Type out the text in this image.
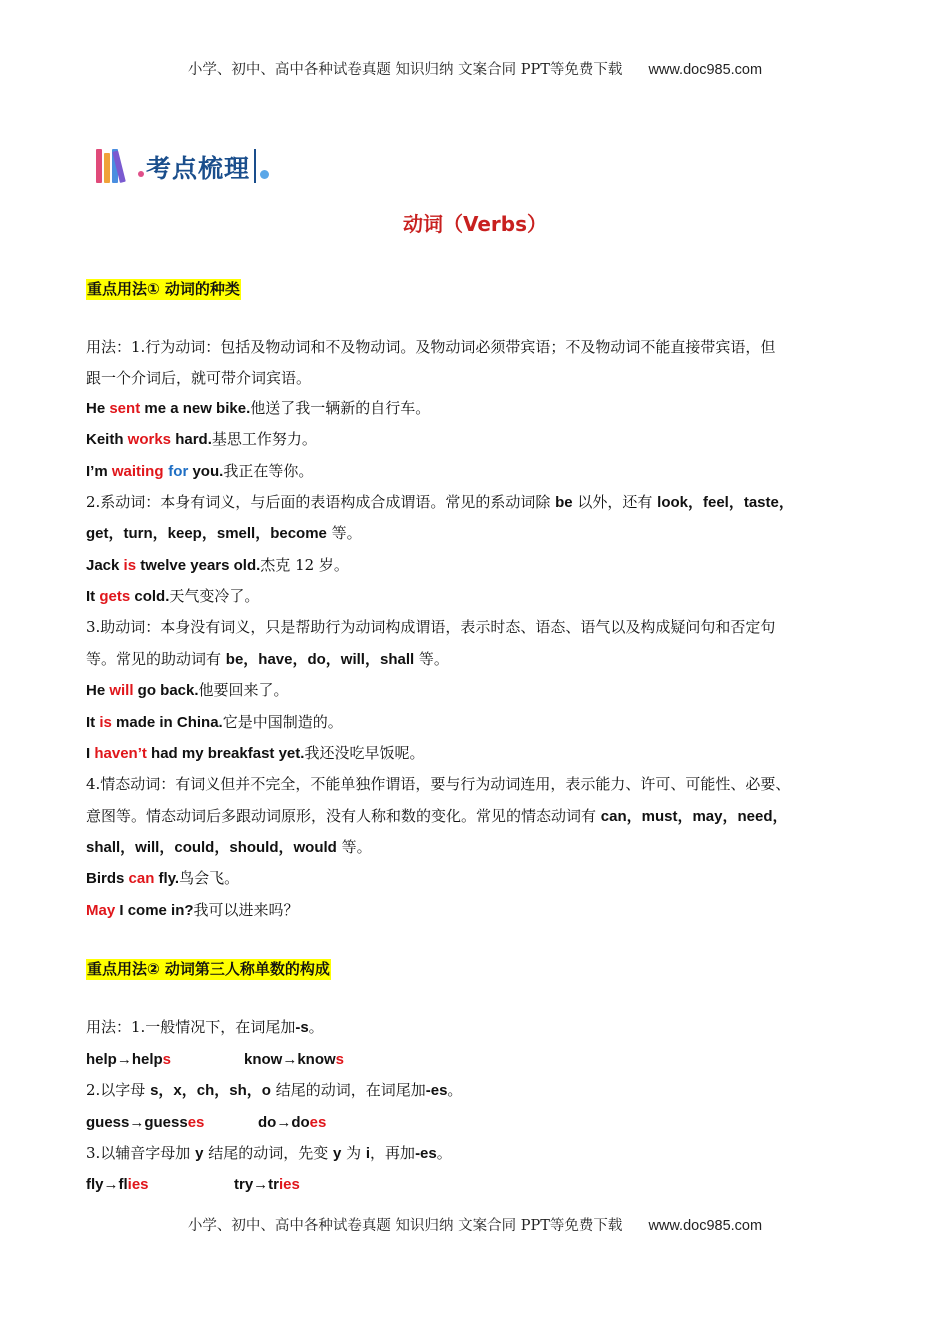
小学、初中、高中各种试卷真题 知识归纳 文案合同 PPT等免费下载 www.doc985.com
考点梳理
动词（Verbs）
重点用法① 动词的种类
用法：1.行为动词：包括及物动词和不及物动词。及物动词必须带宾语；不及物动词不能直接带宾语，但
跟一个介词后，就可带介词宾语。
He sent me a new bike.他送了我一辆新的自行车。
Keith works hard.基思工作努力。
I’m waiting for you.我正在等你。
2.系动词：本身有词义，与后面的表语构成合成谓语。常见的系动词除 be 以外，还有 look，feel，taste，
get，turn，keep，smell，become 等。
Jack is twelve years old.杰克 12 岁。
It gets cold.天气变冷了。
3.助动词：本身没有词义，只是帮助行为动词构成谓语，表示时态、语态、语气以及构成疑问句和否定句
等。常见的助动词有 be，have，do，will，shall 等。
He will go back.他要回来了。
It is made in China.它是中国制造的。
I haven’t had my breakfast yet.我还没吃早饭呢。
4.情态动词：有词义但并不完全，不能单独作谓语，要与行为动词连用，表示能力、许可、可能性、必要、
意图等。情态动词后多跟动词原形，没有人称和数的变化。常见的情态动词有 can，must，may，need，
shall，will，could，should，would 等。
Birds can fly.鸟会飞。
May I come in?我可以进来吗？
重点用法② 动词第三人称单数的构成
用法：1.一般情况下，在词尾加-s。
help→helps	know→knows
2.以字母 s，x，ch，sh，o 结尾的动词，在词尾加-es。
guess→guesses	do→does
3.以辅音字母加 y 结尾的动词，先变 y 为 i，再加-es。
fly→flies	try→tries
小学、初中、高中各种试卷真题 知识归纳 文案合同 PPT等免费下载 www.doc985.com
